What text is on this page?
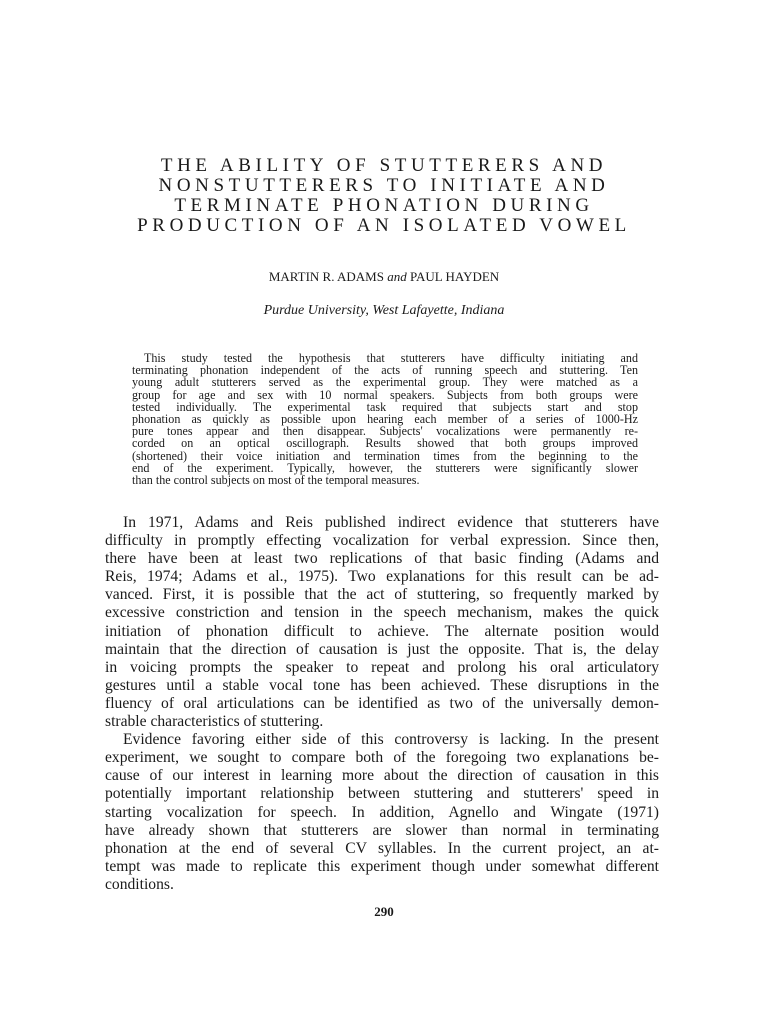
THE ABILITY OF STUTTERERS AND
NONSTUTTERERS TO INITIATE AND
TERMINATE PHONATION DURING
PRODUCTION OF AN ISOLATED VOWEL
MARTIN R. ADAMS and PAUL HAYDEN
Purdue University, West Lafayette, Indiana
This study tested the hypothesis that stutterers have difficulty initiating and
terminating phonation independent of the acts of running speech and stuttering. Ten
young adult stutterers served as the experimental group. They were matched as a
group for age and sex with 10 normal speakers. Subjects from both groups were
tested individually. The experimental task required that subjects start and stop
phonation as quickly as possible upon hearing each member of a series of 1000-Hz
pure tones appear and then disappear. Subjects' vocalizations were permanently re-
corded on an optical oscillograph. Results showed that both groups improved
(shortened) their voice initiation and termination times from the beginning to the
end of the experiment. Typically, however, the stutterers were significantly slower
than the control subjects on most of the temporal measures.
In 1971, Adams and Reis published indirect evidence that stutterers have
difficulty in promptly effecting vocalization for verbal expression. Since then,
there have been at least two replications of that basic finding (Adams and
Reis, 1974; Adams et al., 1975). Two explanations for this result can be ad-
vanced. First, it is possible that the act of stuttering, so frequently marked by
excessive constriction and tension in the speech mechanism, makes the quick
initiation of phonation difficult to achieve. The alternate position would
maintain that the direction of causation is just the opposite. That is, the delay
in voicing prompts the speaker to repeat and prolong his oral articulatory
gestures until a stable vocal tone has been achieved. These disruptions in the
fluency of oral articulations can be identified as two of the universally demon-
strable characteristics of stuttering.
Evidence favoring either side of this controversy is lacking. In the present
experiment, we sought to compare both of the foregoing two explanations be-
cause of our interest in learning more about the direction of causation in this
potentially important relationship between stuttering and stutterers' speed in
starting vocalization for speech. In addition, Agnello and Wingate (1971)
have already shown that stutterers are slower than normal in terminating
phonation at the end of several CV syllables. In the current project, an at-
tempt was made to replicate this experiment though under somewhat different
conditions.
290
